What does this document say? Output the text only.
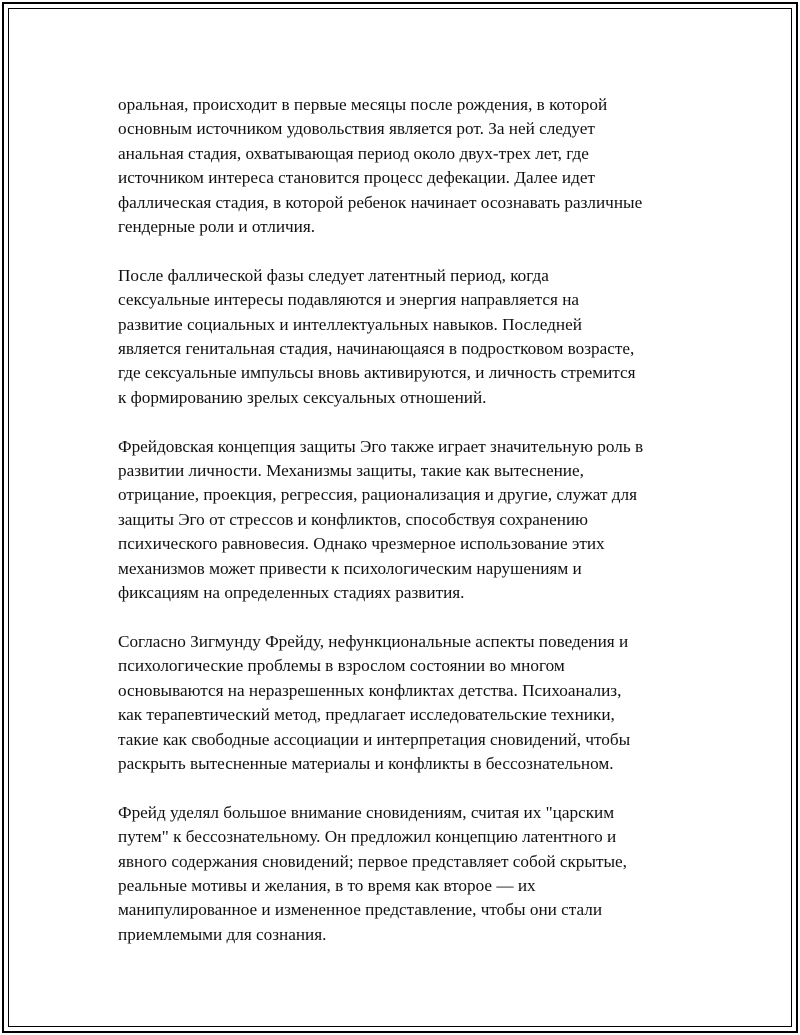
оральная, происходит в первые месяцы после рождения, в которой
основным источником удовольствия является рот. За ней следует
анальная стадия, охватывающая период около двух-трех лет, где
источником интереса становится процесс дефекации. Далее идет
фаллическая стадия, в которой ребенок начинает осознавать различные
гендерные роли и отличия.

После фаллической фазы следует латентный период, когда
сексуальные интересы подавляются и энергия направляется на
развитие социальных и интеллектуальных навыков. Последней
является генитальная стадия, начинающаяся в подростковом возрасте,
где сексуальные импульсы вновь активируются, и личность стремится
к формированию зрелых сексуальных отношений.

Фрейдовская концепция защиты Эго также играет значительную роль в
развитии личности. Механизмы защиты, такие как вытеснение,
отрицание, проекция, регрессия, рационализация и другие, служат для
защиты Эго от стрессов и конфликтов, способствуя сохранению
психического равновесия. Однако чрезмерное использование этих
механизмов может привести к психологическим нарушениям и
фиксациям на определенных стадиях развития.

Согласно Зигмунду Фрейду, нефункциональные аспекты поведения и
психологические проблемы в взрослом состоянии во многом
основываются на неразрешенных конфликтах детства. Психоанализ,
как терапевтический метод, предлагает исследовательские техники,
такие как свободные ассоциации и интерпретация сновидений, чтобы
раскрыть вытесненные материалы и конфликты в бессознательном.

Фрейд уделял большое внимание сновидениям, считая их "царским
путем" к бессознательному. Он предложил концепцию латентного и
явного содержания сновидений; первое представляет собой скрытые,
реальные мотивы и желания, в то время как второе — их
манипулированное и измененное представление, чтобы они стали
приемлемыми для сознания.
